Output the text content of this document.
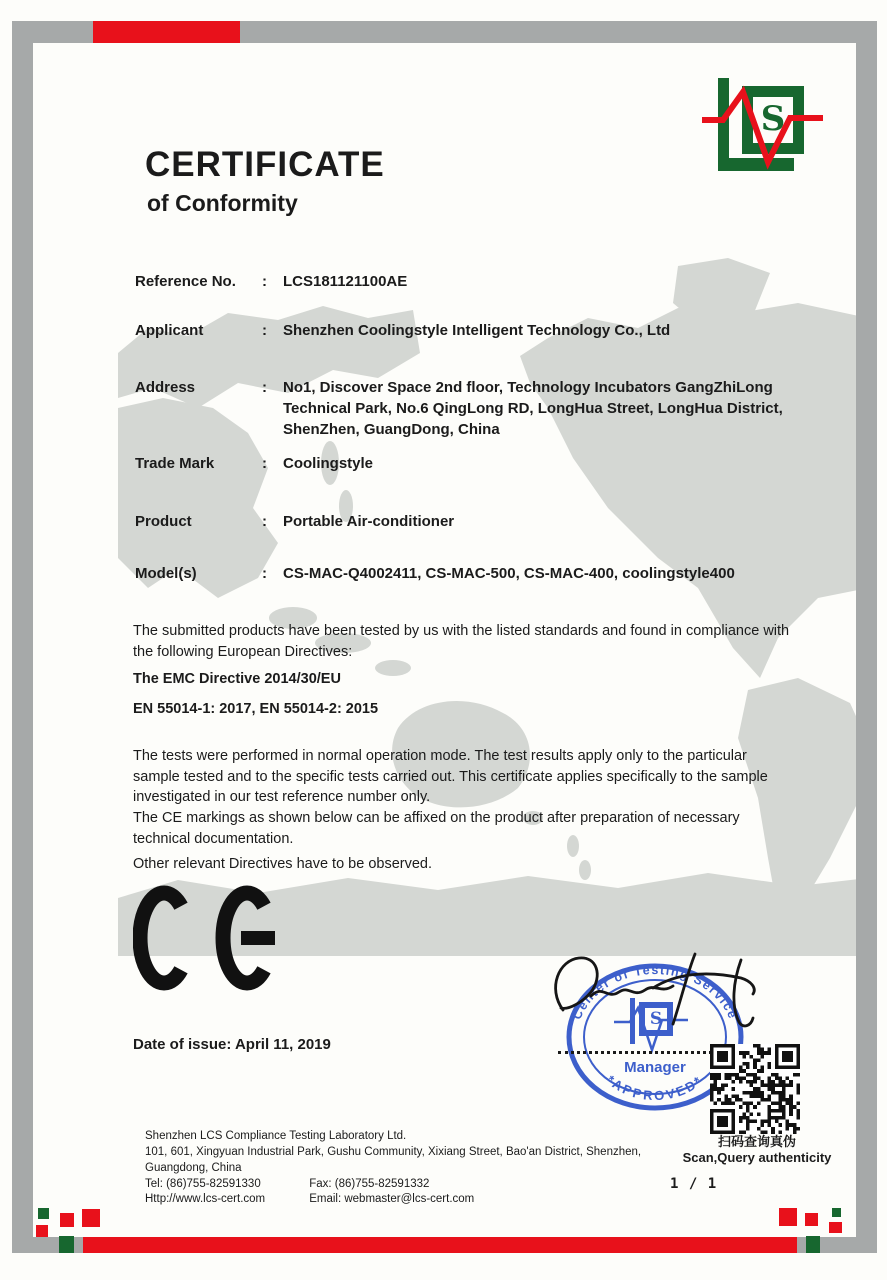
S
CERTIFICATE
of Conformity
Reference No.	: LCS181121100AE
Applicant	: Shenzhen Coolingstyle Intelligent Technology Co., Ltd
Address	: No1, Discover Space 2nd floor, Technology Incubators GangZhiLong Technical Park, No.6 QingLong RD, LongHua Street, LongHua District, ShenZhen, GuangDong, China
Trade Mark	: Coolingstyle
Product	: Portable Air-conditioner
Model(s)	: CS-MAC-Q4002411, CS-MAC-500, CS-MAC-400, coolingstyle400
The submitted products have been tested by us with the listed standards and found in compliance with the following European Directives:
The EMC Directive 2014/30/EU
EN 55014-1: 2017, EN 55014-2: 2015
The tests were performed in normal operation mode. The test results apply only to the particular sample tested and to the specific tests carried out. This certificate applies specifically to the sample investigated in our test reference number only.
The CE markings as shown below can be affixed on the product after preparation of necessary technical documentation.
Other relevant Directives have to be observed.
Date of issue: April 11, 2019
Center of Testing Service
*APPROVED*
S
Manager
扫码查询真伪
Scan,Query authenticity
Shenzhen LCS Compliance Testing Laboratory Ltd.
101, 601, Xingyuan Industrial Park, Gushu Community, Xixiang Street, Bao'an District, Shenzhen,
Guangdong, China
Tel: (86)755-82591330	Fax: (86)755-82591332
Http://www.lcs-cert.com	Email: webmaster@lcs-cert.com
1 / 1
